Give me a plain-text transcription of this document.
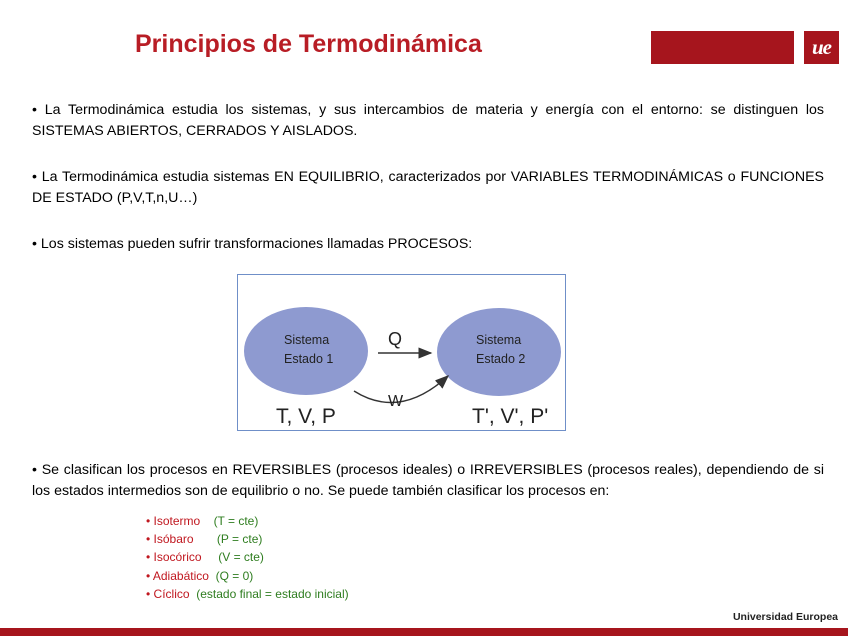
Principios de Termodinámica	ue

• La Termodinámica estudia los sistemas, y sus intercambios de materia y energía con el entorno: se distinguen los SISTEMAS ABIERTOS, CERRADOS Y AISLADOS.

• La Termodinámica estudia sistemas EN EQUILIBRIO, caracterizados por VARIABLES TERMODINÁMICAS o FUNCIONES DE ESTADO (P,V,T,n,U…)

• Los sistemas pueden sufrir transformaciones llamadas PROCESOS:

Sistema
Estado 1
Sistema
Estado 2
Q
W
T, V, P	T', V', P'

• Se clasifican los procesos en REVERSIBLES (procesos ideales) o IRREVERSIBLES (procesos reales), dependiendo de si los estados intermedios son de equilibrio o no. Se puede también clasificar los procesos en:

• Isotermo (T = cte)
• Isóbaro (P = cte)
• Isocórico (V = cte)
• Adiabático (Q = 0)
• Cíclico (estado final = estado inicial)
Universidad Europea
